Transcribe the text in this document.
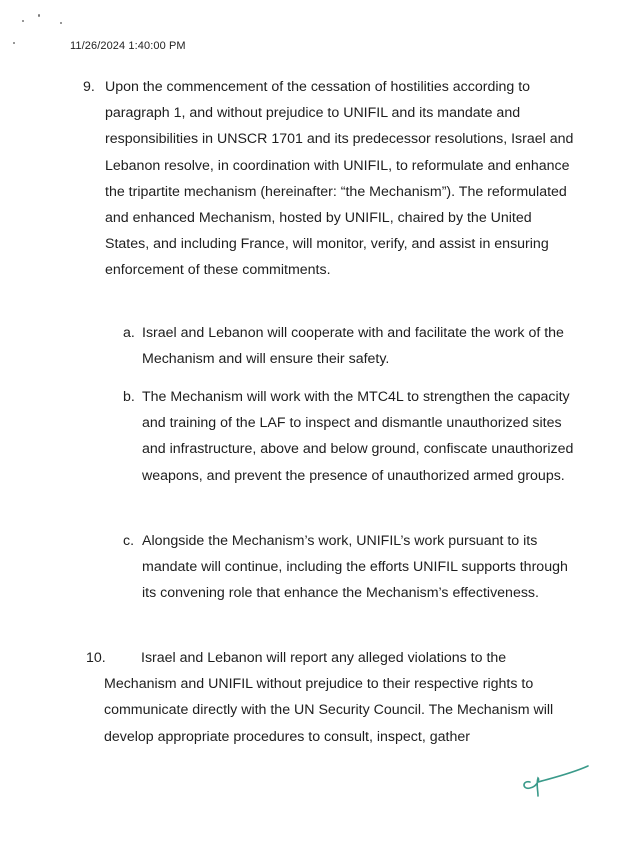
11/26/2024 1:40:00 PM
9. Upon the commencement of the cessation of hostilities according to paragraph 1, and without prejudice to UNIFIL and its mandate and responsibilities in UNSCR 1701 and its predecessor resolutions, Israel and Lebanon resolve, in coordination with UNIFIL, to reformulate and enhance the tripartite mechanism (hereinafter: “the Mechanism”). The reformulated and enhanced Mechanism, hosted by UNIFIL, chaired by the United States, and including France, will monitor, verify, and assist in ensuring enforcement of these commitments.
a. Israel and Lebanon will cooperate with and facilitate the work of the Mechanism and will ensure their safety.
b. The Mechanism will work with the MTC4L to strengthen the capacity and training of the LAF to inspect and dismantle unauthorized sites and infrastructure, above and below ground, confiscate unauthorized weapons, and prevent the presence of unauthorized armed groups.
c. Alongside the Mechanism’s work, UNIFIL’s work pursuant to its mandate will continue, including the efforts UNIFIL supports through its convening role that enhance the Mechanism’s effectiveness.
10.	Israel and Lebanon will report any alleged violations to the Mechanism and UNIFIL without prejudice to their respective rights to communicate directly with the UN Security Council. The Mechanism will develop appropriate procedures to consult, inspect, gather
